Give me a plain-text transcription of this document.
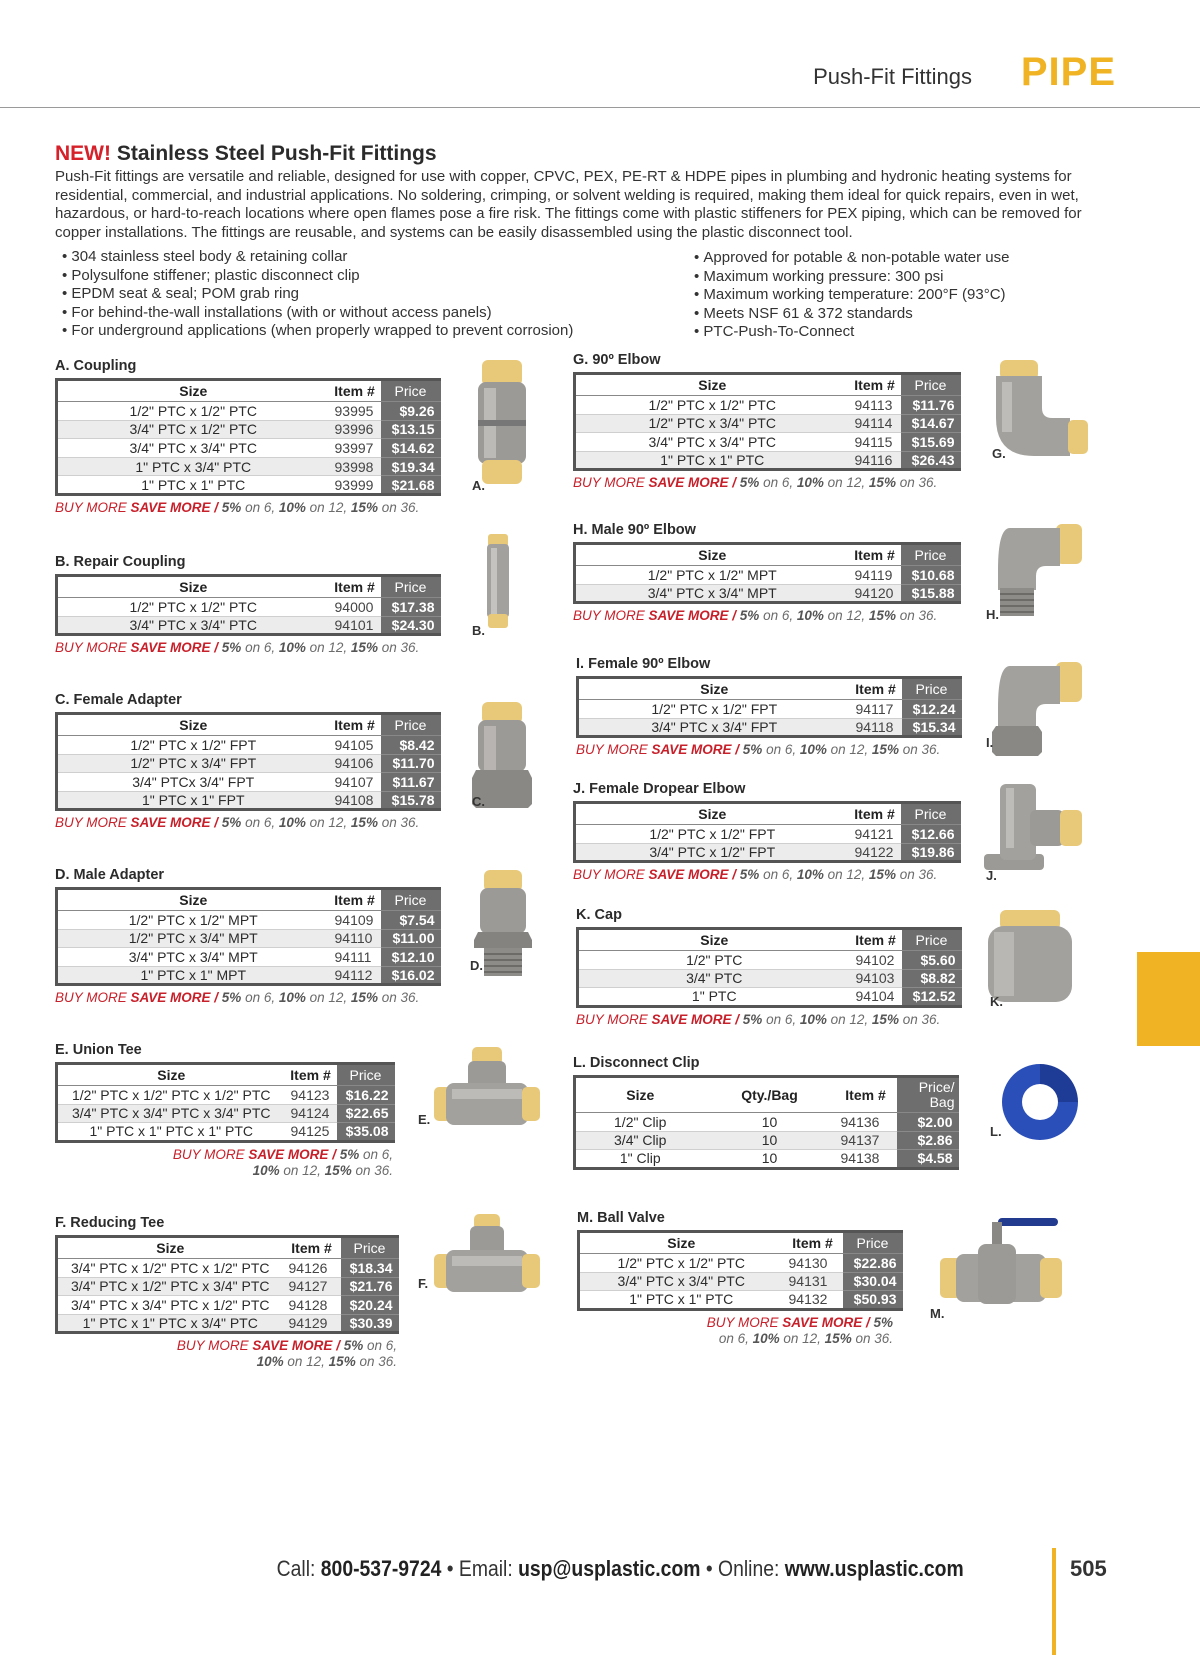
Push-Fit Fittings PIPE
NEW! Stainless Steel Push-Fit Fittings

Push-Fit fittings are versatile and reliable, designed for use with copper, CPVC, PEX, PE-RT & HDPE pipes in plumbing and hydronic heating systems for residential, commercial, and industrial applications. No soldering, crimping, or solvent welding is required, making them ideal for quick repairs, even in wet, hazardous, or hard-to-reach locations where open flames pose a fire risk. The fittings come with plastic stiffeners for PEX piping, which can be removed for copper installations. The fittings are reusable, and systems can be easily disassembled using the plastic disconnect tool.

• 304 stainless steel body & retaining collar
• Polysulfone stiffener; plastic disconnect clip
• EPDM seat & seal; POM grab ring
• For behind-the-wall installations (with or without access panels)
• For underground applications (when properly wrapped to prevent corrosion)
• Approved for potable & non-potable water use
• Maximum working pressure: 300 psi
• Maximum working temperature: 200°F (93°C)
• Meets NSF 61 & 372 standards
• PTC-Push-To-Connect
A. Coupling
Size	Item #	Price
1/2" PTC x 1/2" PTC	93995	$9.26
3/4" PTC x 1/2" PTC	93996	$13.15
3/4" PTC x 3/4" PTC	93997	$14.62
1" PTC x 3/4" PTC	93998	$19.34
1" PTC x 1" PTC	93999	$21.68
BUY MORE SAVE MORE / 5% on 6, 10% on 12, 15% on 36.
B. Repair Coupling
Size	Item #	Price
1/2" PTC x 1/2" PTC	94000	$17.38
3/4" PTC x 3/4" PTC	94101	$24.30
BUY MORE SAVE MORE / 5% on 6, 10% on 12, 15% on 36.
C. Female Adapter
Size	Item #	Price
1/2" PTC x 1/2" FPT	94105	$8.42
1/2" PTC x 3/4" FPT	94106	$11.70
3/4" PTCx 3/4" FPT	94107	$11.67
1" PTC x 1" FPT	94108	$15.78
BUY MORE SAVE MORE / 5% on 6, 10% on 12, 15% on 36.
D. Male Adapter
Size	Item #	Price
1/2" PTC x 1/2" MPT	94109	$7.54
1/2" PTC x 3/4" MPT	94110	$11.00
3/4" PTC x 3/4" MPT	94111	$12.10
1" PTC x 1" MPT	94112	$16.02
BUY MORE SAVE MORE / 5% on 6, 10% on 12, 15% on 36.
E. Union Tee
Size	Item #	Price
1/2" PTC x 1/2" PTC x 1/2" PTC	94123	$16.22
3/4" PTC x 3/4" PTC x 3/4" PTC	94124	$22.65
1" PTC x 1" PTC x 1" PTC	94125	$35.08
BUY MORE SAVE MORE / 5% on 6,
10% on 12, 15% on 36.
F. Reducing Tee
Size	Item #	Price
3/4" PTC x 1/2" PTC x 1/2" PTC	94126	$18.34
3/4" PTC x 1/2" PTC x 3/4" PTC	94127	$21.76
3/4" PTC x 3/4" PTC x 1/2" PTC	94128	$20.24
1" PTC x 1" PTC x 3/4" PTC	94129	$30.39
BUY MORE SAVE MORE / 5% on 6,
10% on 12, 15% on 36.
G. 90º Elbow
Size	Item #	Price
1/2" PTC x 1/2" PTC	94113	$11.76
1/2" PTC x 3/4" PTC	94114	$14.67
3/4" PTC x 3/4" PTC	94115	$15.69
1" PTC x 1" PTC	94116	$26.43
BUY MORE SAVE MORE / 5% on 6, 10% on 12, 15% on 36.
H. Male 90º Elbow
Size	Item #	Price
1/2" PTC x 1/2" MPT	94119	$10.68
3/4" PTC x 3/4" MPT	94120	$15.88
BUY MORE SAVE MORE / 5% on 6, 10% on 12, 15% on 36.
I. Female 90º Elbow
Size	Item #	Price
1/2" PTC x 1/2" FPT	94117	$12.24
3/4" PTC x 3/4" FPT	94118	$15.34
BUY MORE SAVE MORE / 5% on 6, 10% on 12, 15% on 36.
J. Female Dropear Elbow
Size	Item #	Price
1/2" PTC x 1/2" FPT	94121	$12.66
3/4" PTC x 1/2" FPT	94122	$19.86
BUY MORE SAVE MORE / 5% on 6, 10% on 12, 15% on 36.
K. Cap
Size	Item #	Price
1/2" PTC	94102	$5.60
3/4" PTC	94103	$8.82
1" PTC	94104	$12.52
BUY MORE SAVE MORE / 5% on 6, 10% on 12, 15% on 36.
L. Disconnect Clip
Size	Qty./Bag	Item #	Price/ Bag
1/2" Clip	10	94136	$2.00
3/4" Clip	10	94137	$2.86
1" Clip	10	94138	$4.58
M. Ball Valve
Size	Item #	Price
1/2" PTC x 1/2" PTC	94130	$22.86
3/4" PTC x 3/4" PTC	94131	$30.04
1" PTC x 1" PTC	94132	$50.93
BUY MORE SAVE MORE / 5%
on 6, 10% on 12, 15% on 36.
A.
B.
C.
D.
E.
F.
G.
H.
I.
J.
K.
L.
M.
Call: 800-537-9724 • Email: usp@usplastic.com • Online: www.usplastic.com	505
